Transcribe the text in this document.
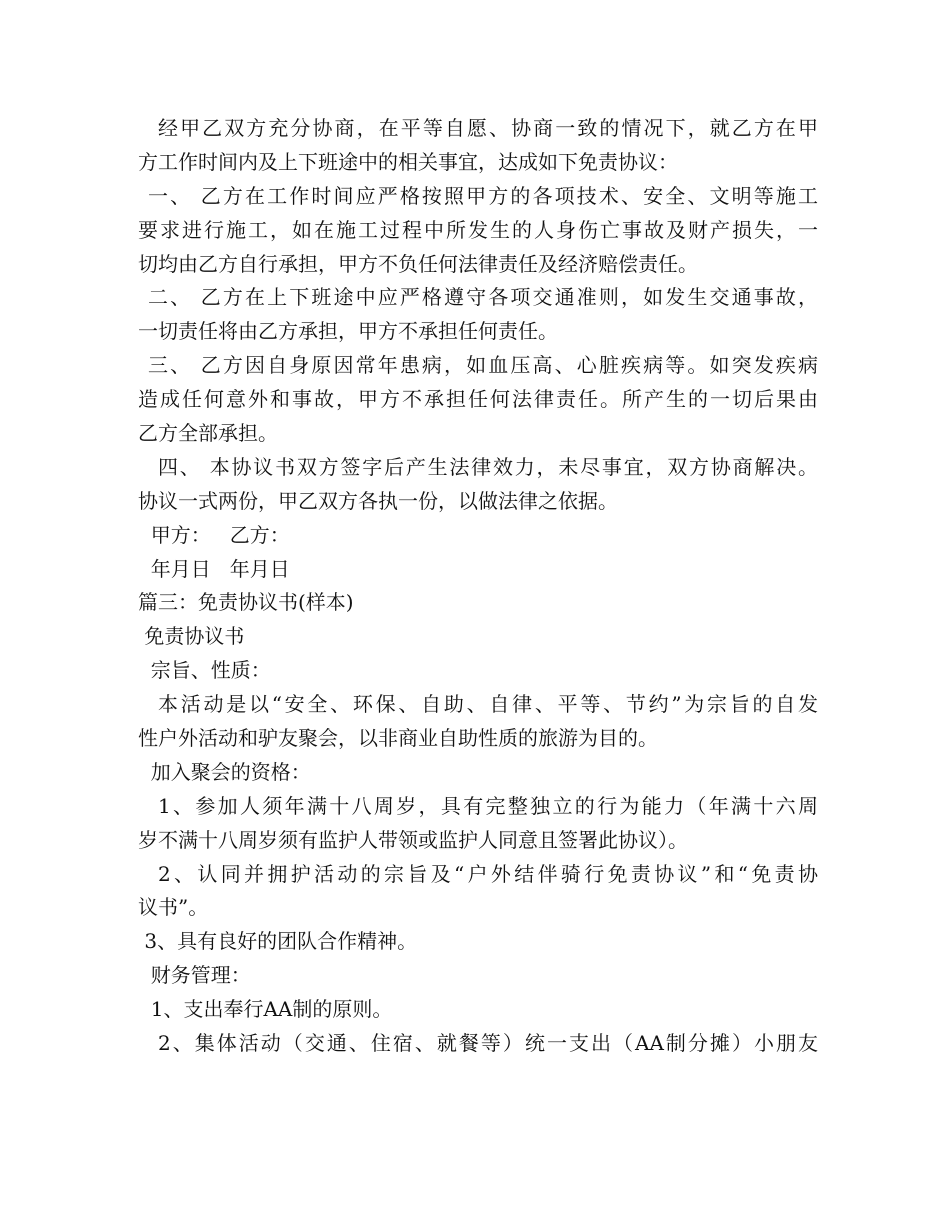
经甲乙双方充分协商，在平等自愿、协商一致的情况下，就乙方在甲
方工作时间内及上下班途中的相关事宜，达成如下免责协议：
一、 乙方在工作时间应严格按照甲方的各项技术、安全、文明等施工
要求进行施工，如在施工过程中所发生的人身伤亡事故及财产损失，一
切均由乙方自行承担，甲方不负任何法律责任及经济赔偿责任。
二、 乙方在上下班途中应严格遵守各项交通准则，如发生交通事故，
一切责任将由乙方承担，甲方不承担任何责任。
三、 乙方因自身原因常年患病，如血压高、心脏疾病等。如突发疾病
造成任何意外和事故，甲方不承担任何法律责任。所产生的一切后果由
乙方全部承担。
四、 本协议书双方签字后产生法律效力，未尽事宜，双方协商解决。
协议一式两份，甲乙双方各执一份，以做法律之依据。
甲方：   乙方：
年月日   年月日
篇三：免责协议书(样本)
免责协议书
宗旨、性质：
本活动是以“安全、环保、自助、自律、平等、节约”为宗旨的自发
性户外活动和驴友聚会，以非商业自助性质的旅游为目的。
加入聚会的资格：
1、参加人须年满十八周岁，具有完整独立的行为能力（年满十六周
岁不满十八周岁须有监护人带领或监护人同意且签署此协议）。
2、认同并拥护活动的宗旨及“户外结伴骑行免责协议”和“免责协
议书”。
3、具有良好的团队合作精神。
财务管理：
1、支出奉行AA制的原则。
2、集体活动（交通、住宿、就餐等）统一支出（AA制分摊）小朋友
